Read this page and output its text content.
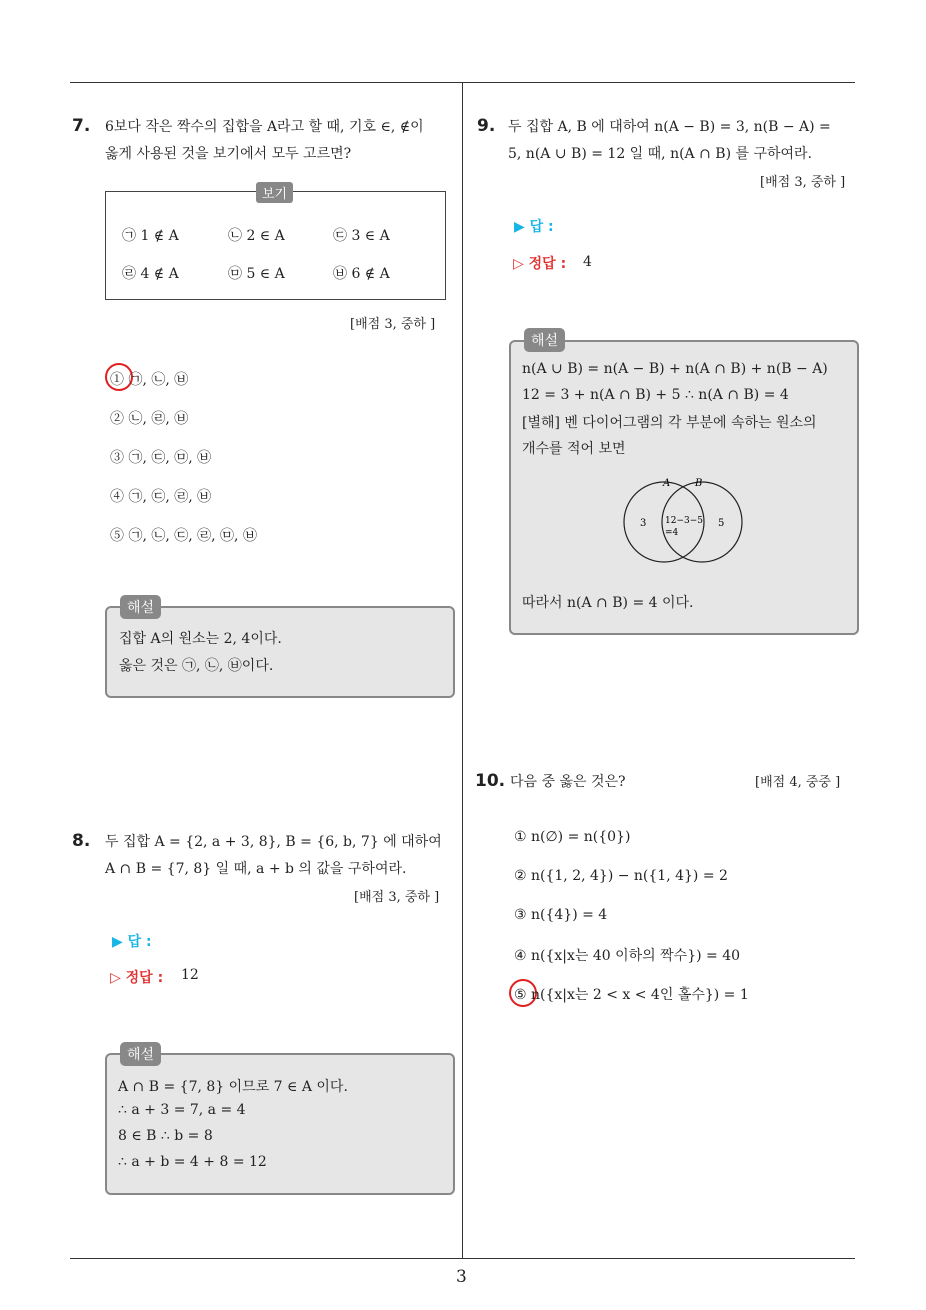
7. 6보다 작은 짝수의 집합을 A라고 할 때, 기호 ∈, ∉이
옳게 사용된 것을 보기에서 모두 고르면?
보기
㉠ 1 ∉ A	㉡ 2 ∈ A	㉢ 3 ∈ A
㉣ 4 ∉ A	㉤ 5 ∈ A	㉥ 6 ∉ A
[배점 3, 중하 ]
① ㉠, ㉡, ㉥
② ㉡, ㉣, ㉥
③ ㉠, ㉢, ㉤, ㉥
④ ㉠, ㉢, ㉣, ㉥
⑤ ㉠, ㉡, ㉢, ㉣, ㉤, ㉥
해설
집합 A의 원소는 2, 4이다.
옳은 것은 ㉠, ㉡, ㉥이다.
8. 두 집합 A = {2, a + 3, 8}, B = {6, b, 7} 에 대하여
A ∩ B = {7, 8} 일 때, a + b 의 값을 구하여라.
[배점 3, 중하 ]
▶ 답 :
▷ 정답 : 12
해설
A ∩ B = {7, 8} 이므로 7 ∈ A 이다.
∴ a + 3 = 7, a = 4
8 ∈ B ∴ b = 8
∴ a + b = 4 + 8 = 12
9. 두 집합 A, B 에 대하여 n(A − B) = 3, n(B − A) =
5, n(A ∪ B) = 12 일 때, n(A ∩ B) 를 구하여라.
[배점 3, 중하 ]
▶ 답 :
▷ 정답 : 4
해설
n(A ∪ B) = n(A − B) + n(A ∩ B) + n(B − A)
12 = 3 + n(A ∩ B) + 5 ∴ n(A ∩ B) = 4
[별해] 벤 다이어그램의 각 부분에 속하는 원소의
개수를 적어 보면
A B
3 12−3−5
=4
5
따라서 n(A ∩ B) = 4 이다.
10. 다음 중 옳은 것은?	[배점 4, 중중 ]
① n(∅) = n({0})
② n({1, 2, 4}) − n({1, 4}) = 2
③ n({4}) = 4
④ n({x|x는 40 이하의 짝수}) = 40
⑤ n({x|x는 2 < x < 4인 홀수}) = 1
3
